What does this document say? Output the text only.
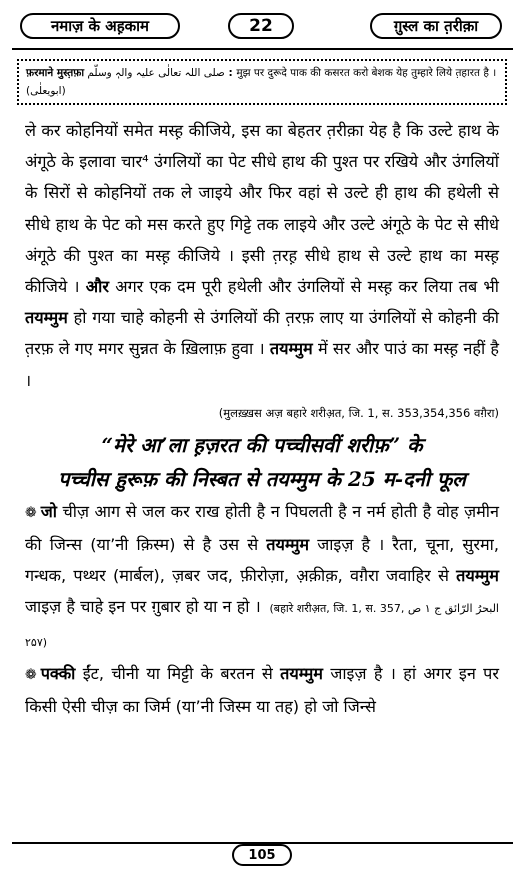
नमाज़ के अह़काम	22	ग़ुस्ल का त़रीक़ा
फ़रमाने मुस्त़फ़ा صلی اللہ تعالٰی علیہ والہٖ وسلّم : मुझ पर दुरूदे पाक की कसरत करो बेशक येह तुम्हारे लिये त़हारत है । (ابویعلٰی)

ले कर कोहनियों समेत मस्ह़ कीजिये, इस का बेहतर त़रीक़ा येह है कि उल्टे हाथ के अंगूठे के इलावा चार⁴ उंगलियों का पेट सीधे हाथ की पुश्त पर रखिये और उंगलियों के सिरों से कोहनियों तक ले जाइये और फिर वहां से उल्टे ही हाथ की हथेली से सीधे हाथ के पेट को मस करते हुए गिट्टे तक लाइये और उल्टे अंगूठे के पेट से सीधे अंगूठे की पुश्त का मस्ह़ कीजिये । इसी त़रह़ सीधे हाथ से उल्टे हाथ का मस्ह़ कीजिये । और अगर एक दम पूरी हथेली और उंगलियों से मस्ह़ कर लिया तब भी तयम्मुम हो गया चाहे कोहनी से उंगलियों की त़रफ़ लाए या उंगलियों से कोहनी की त़रफ़ ले गए मगर सुन्नत के ख़िलाफ़ हुवा । तयम्मुम में सर और पाउं का मस्ह़ नहीं है ।

(मुलख़्ख़स अज़ बहारे शरीअ़त, जि. 1, स. 353,354,356 वग़ैरा)

“मेरे आ’ला ह़ज़रत की पच्चीसवीं शरीफ़” के
पच्चीस ह़ुरूफ़ की निस्बत से तयम्मुम के 25 म-दनी फूल

❁ जो चीज़ आग से जल कर राख होती है न पिघलती है न नर्म होती है वोह ज़मीन की जिन्स (या’नी क़िस्म) से है उस से तयम्मुम जाइज़ है । रैता, चूना, सुरमा, गन्धक, पथ्थर (मार्बल), ज़बर जद, फ़ीरोज़ा, अ़क़ीक़, वग़ैरा जवाहिर से तयम्मुम जाइज़ है चाहे इन पर ग़ुबार हो या न हो । (बहारे शरीअ़त, जि. 1, स. 357, البحرُ الرّائق ج ۱ ص ۲۵۷)

❁ पक्की ईंट, चीनी या मिट्टी के बरतन से तयम्मुम जाइज़ है । हां अगर इन पर किसी ऐसी चीज़ का जिर्म (या’नी जिस्म या तह) हो जो जिन्से

105
